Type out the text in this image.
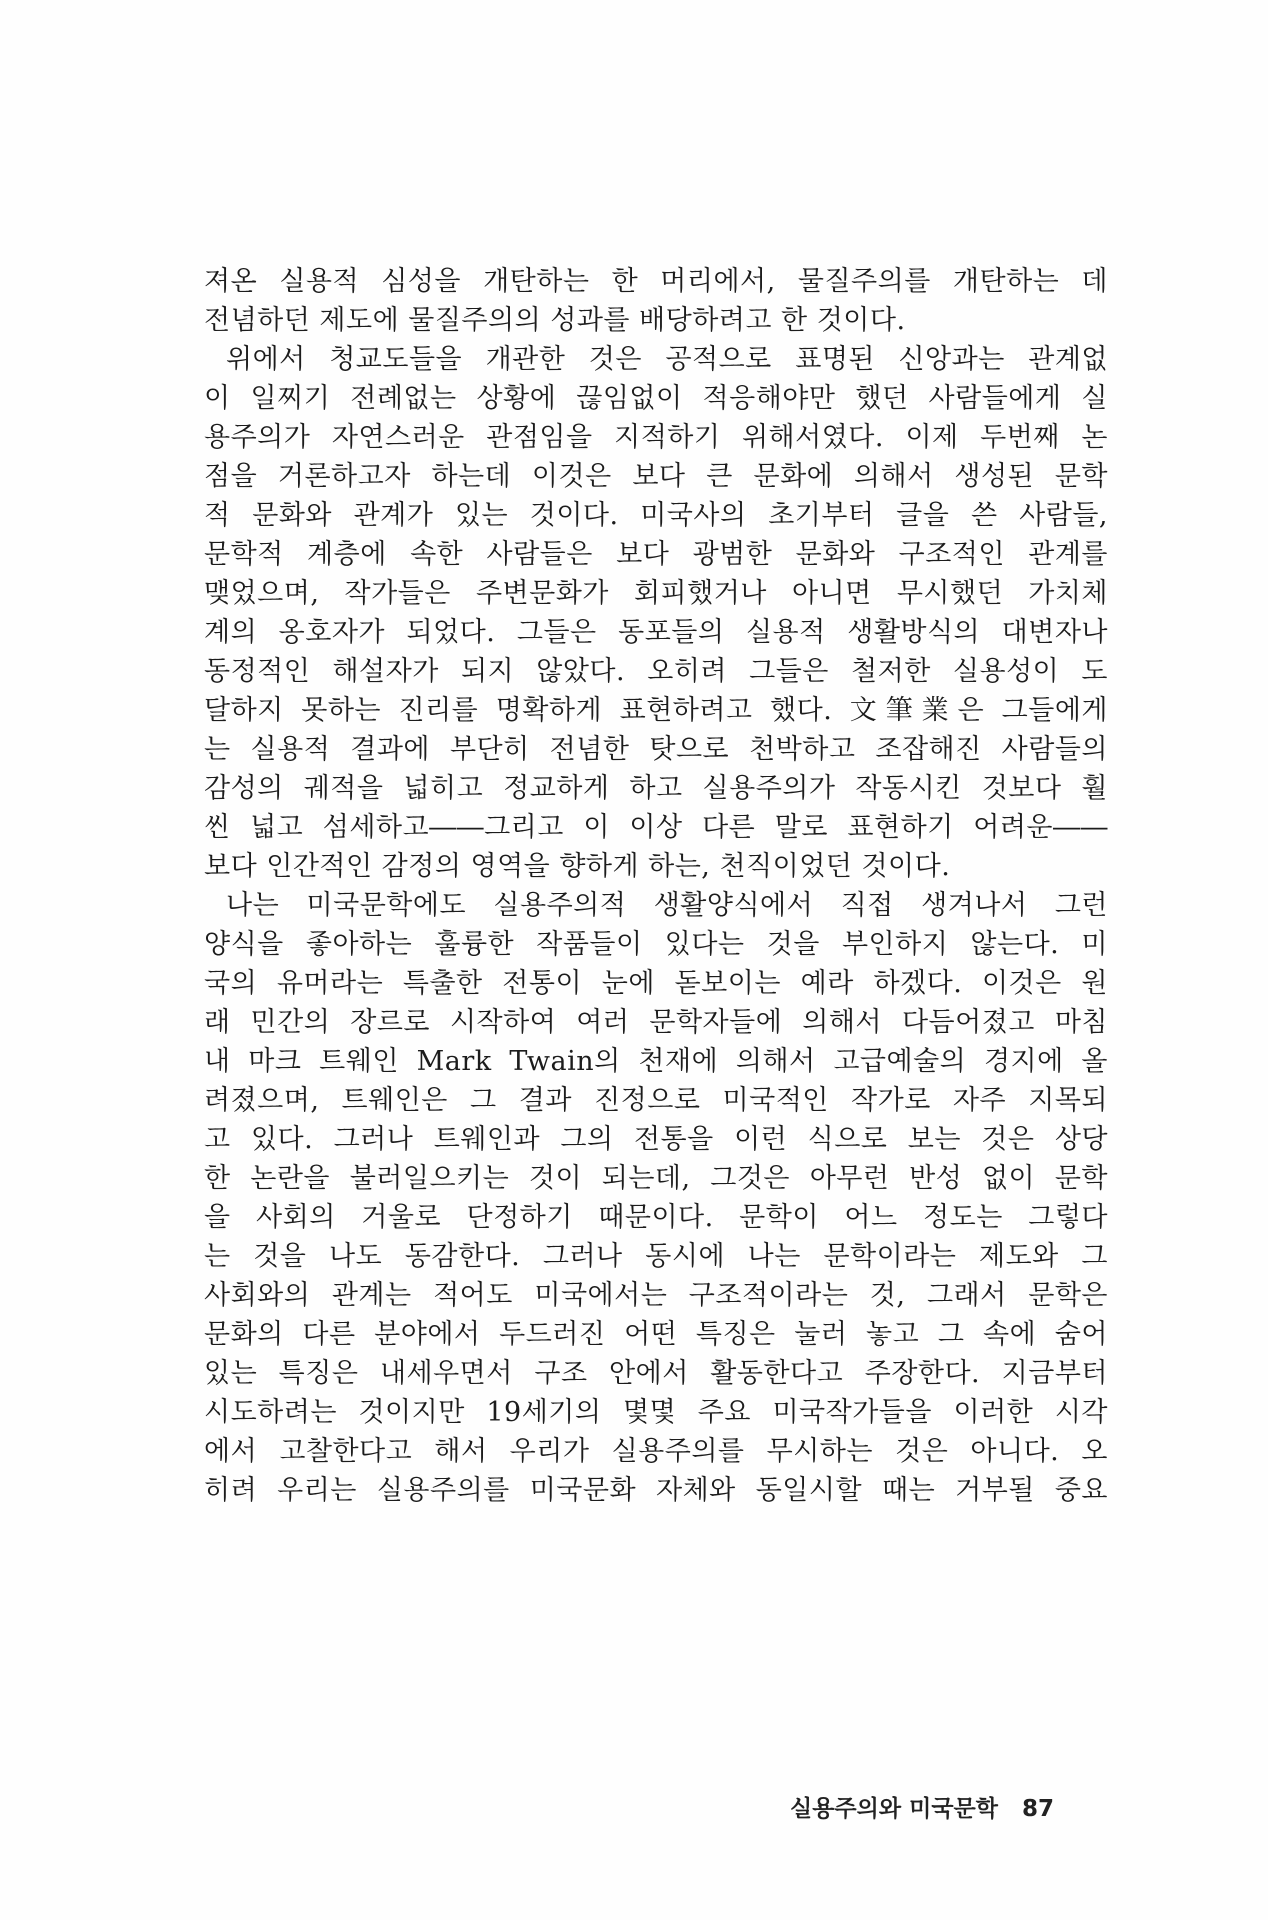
져온 실용적 심성을 개탄하는 한 머리에서, 물질주의를 개탄하는 데
전념하던 제도에 물질주의의 성과를 배당하려고 한 것이다.
위에서 청교도들을 개관한 것은 공적으로 표명된 신앙과는 관계없
이 일찌기 전례없는 상황에 끊임없이 적응해야만 했던 사람들에게 실
용주의가 자연스러운 관점임을 지적하기 위해서였다. 이제 두번째 논
점을 거론하고자 하는데 이것은 보다 큰 문화에 의해서 생성된 문학
적 문화와 관계가 있는 것이다. 미국사의 초기부터 글을 쓴 사람들,
문학적 계층에 속한 사람들은 보다 광범한 문화와 구조적인 관계를
맺었으며, 작가들은 주변문화가 회피했거나 아니면 무시했던 가치체
계의 옹호자가 되었다. 그들은 동포들의 실용적 생활방식의 대변자나
동정적인 해설자가 되지 않았다. 오히려 그들은 철저한 실용성이 도
달하지 못하는 진리를 명확하게 표현하려고 했다. 文筆業은 그들에게
는 실용적 결과에 부단히 전념한 탓으로 천박하고 조잡해진 사람들의
감성의 궤적을 넓히고 정교하게 하고 실용주의가 작동시킨 것보다 훨
씬 넓고 섬세하고――그리고 이 이상 다른 말로 표현하기 어려운――
보다 인간적인 감정의 영역을 향하게 하는, 천직이었던 것이다.
나는 미국문학에도 실용주의적 생활양식에서 직접 생겨나서 그런
양식을 좋아하는 훌륭한 작품들이 있다는 것을 부인하지 않는다. 미
국의 유머라는 특출한 전통이 눈에 돋보이는 예라 하겠다. 이것은 원
래 민간의 장르로 시작하여 여러 문학자들에 의해서 다듬어졌고 마침
내 마크 트웨인 Mark Twain의 천재에 의해서 고급예술의 경지에 올
려졌으며, 트웨인은 그 결과 진정으로 미국적인 작가로 자주 지목되
고 있다. 그러나 트웨인과 그의 전통을 이런 식으로 보는 것은 상당
한 논란을 불러일으키는 것이 되는데, 그것은 아무런 반성 없이 문학
을 사회의 거울로 단정하기 때문이다. 문학이 어느 정도는 그렇다
는 것을 나도 동감한다. 그러나 동시에 나는 문학이라는 제도와 그
사회와의 관계는 적어도 미국에서는 구조적이라는 것, 그래서 문학은
문화의 다른 분야에서 두드러진 어떤 특징은 눌러 놓고 그 속에 숨어
있는 특징은 내세우면서 구조 안에서 활동한다고 주장한다. 지금부터
시도하려는 것이지만 19세기의 몇몇 주요 미국작가들을 이러한 시각
에서 고찰한다고 해서 우리가 실용주의를 무시하는 것은 아니다. 오
히려 우리는 실용주의를 미국문화 자체와 동일시할 때는 거부될 중요
실용주의와 미국문학 87
